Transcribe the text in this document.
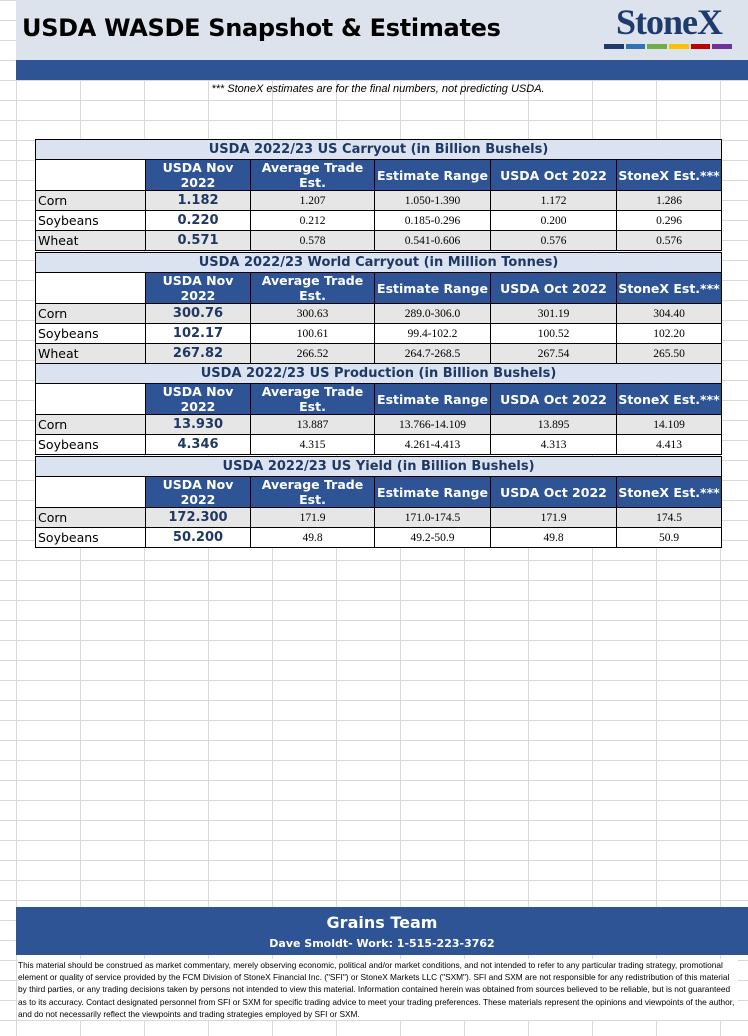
USDA WASDE Snapshot & Estimates	StoneX
*** StoneX estimates are for the final numbers, not predicting USDA.
USDA 2022/23 US Carryout (in Billion Bushels)					
	USDA Nov 2022	Average Trade Est.	Estimate Range	USDA Oct 2022	StoneX Est.***
Corn	1.182	1.207	1.050-1.390	1.172	1.286
Soybeans	0.220	0.212	0.185-0.296	0.200	0.296
Wheat	0.571	0.578	0.541-0.606	0.576	0.576
USDA 2022/23 World Carryout (in Million Tonnes)					
	USDA Nov 2022	Average Trade Est.	Estimate Range	USDA Oct 2022	StoneX Est.***
Corn	300.76	300.63	289.0-306.0	301.19	304.40
Soybeans	102.17	100.61	99.4-102.2	100.52	102.20
Wheat	267.82	266.52	264.7-268.5	267.54	265.50
USDA 2022/23 US Production (in Billion Bushels)					
	USDA Nov 2022	Average Trade Est.	Estimate Range	USDA Oct 2022	StoneX Est.***
Corn	13.930	13.887	13.766-14.109	13.895	14.109
Soybeans	4.346	4.315	4.261-4.413	4.313	4.413
USDA 2022/23 US Yield (in Billion Bushels)					
	USDA Nov 2022	Average Trade Est.	Estimate Range	USDA Oct 2022	StoneX Est.***
Corn	172.300	171.9	171.0-174.5	171.9	174.5
Soybeans	50.200	49.8	49.2-50.9	49.8	50.9
Grains Team
Dave Smoldt- Work: 1-515-223-3762
This material should be construed as market commentary, merely observing economic, political and/or market conditions, and not intended to refer to any particular trading strategy, promotional element or quality of service provided by the FCM Division of StoneX Financial Inc. ("SFI") or StoneX Markets LLC ("SXM"). SFI and SXM are not responsible for any redistribution of this material by third parties, or any trading decisions taken by persons not intended to view this material. Information contained herein was obtained from sources believed to be reliable, but is not guaranteed as to its accuracy. Contact designated personnel from SFI or SXM for specific trading advice to meet your trading preferences. These materials represent the opinions and viewpoints of the author, and do not necessarily reflect the viewpoints and trading strategies employed by SFI or SXM.
